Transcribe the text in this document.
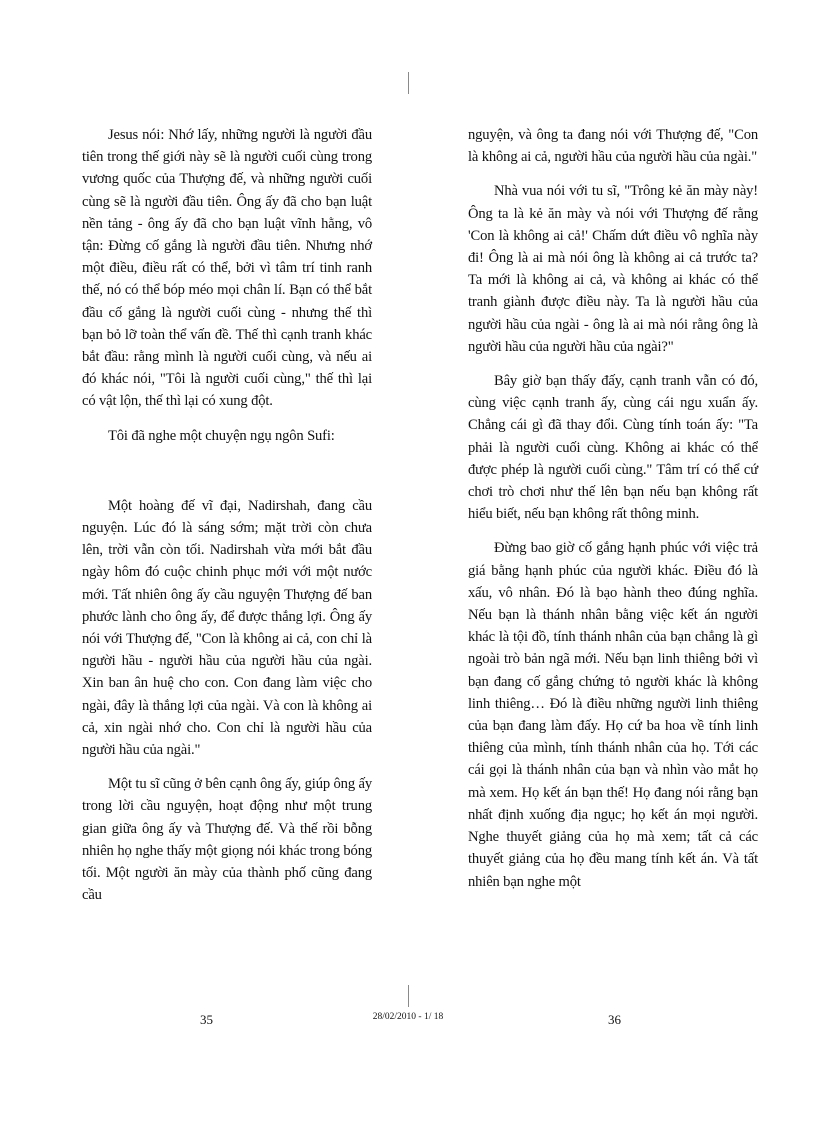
Jesus nói: Nhớ lấy, những người là người đầu tiên trong thế giới này sẽ là người cuối cùng trong vương quốc của Thượng đế, và những người cuối cùng sẽ là người đầu tiên. Ông ấy đã cho bạn luật nền tảng - ông ấy đã cho bạn luật vĩnh hằng, vô tận: Đừng cố gắng là người đầu tiên. Nhưng nhớ một điều, điều rất có thể, bởi vì tâm trí tinh ranh thế, nó có thể bóp méo mọi chân lí. Bạn có thể bắt đầu cố gắng là người cuối cùng - nhưng thế thì bạn bỏ lỡ toàn thể vấn đề. Thế thì cạnh tranh khác bắt đầu: rằng mình là người cuối cùng, và nếu ai đó khác nói, "Tôi là người cuối cùng," thế thì lại có vật lộn, thế thì lại có xung đột.

Tôi đã nghe một chuyện ngụ ngôn Sufi:

Một hoàng đế vĩ đại, Nadirshah, đang cầu nguyện. Lúc đó là sáng sớm; mặt trời còn chưa lên, trời vẫn còn tối. Nadirshah vừa mới bắt đầu ngày hôm đó cuộc chinh phục mới với một nước mới. Tất nhiên ông ấy cầu nguyện Thượng đế ban phước lành cho ông ấy, để được thắng lợi. Ông ấy nói với Thượng đế, "Con là không ai cả, con chỉ là người hầu - người hầu của người hầu của ngài. Xin ban ân huệ cho con. Con đang làm việc cho ngài, đây là thắng lợi của ngài. Và con là không ai cả, xin ngài nhớ cho. Con chỉ là người hầu của người hầu của ngài."

Một tu sĩ cũng ở bên cạnh ông ấy, giúp ông ấy trong lời cầu nguyện, hoạt động như một trung gian giữa ông ấy và Thượng đế. Và thế rồi bỗng nhiên họ nghe thấy một giọng nói khác trong bóng tối. Một người ăn mày của thành phố cũng đang cầu

nguyện, và ông ta đang nói với Thượng đế, "Con là không ai cả, người hầu của người hầu của ngài."

Nhà vua nói với tu sĩ, "Trông kẻ ăn mày này! Ông ta là kẻ ăn mày và nói với Thượng đế rằng 'Con là không ai cả!' Chấm dứt điều vô nghĩa này đi! Ông là ai mà nói ông là không ai cả trước ta? Ta mới là không ai cả, và không ai khác có thể tranh giành được điều này. Ta là người hầu của người hầu của ngài - ông là ai mà nói rằng ông là người hầu của người hầu của ngài?"

Bây giờ bạn thấy đấy, cạnh tranh vẫn có đó, cùng việc cạnh tranh ấy, cùng cái ngu xuẩn ấy. Chẳng cái gì đã thay đổi. Cùng tính toán ấy: "Ta phải là người cuối cùng. Không ai khác có thể được phép là người cuối cùng." Tâm trí có thể cứ chơi trò chơi như thế lên bạn nếu bạn không rất hiểu biết, nếu bạn không rất thông minh.

Đừng bao giờ cố gắng hạnh phúc với việc trả giá bằng hạnh phúc của người khác. Điều đó là xấu, vô nhân. Đó là bạo hành theo đúng nghĩa. Nếu bạn là thánh nhân bằng việc kết án người khác là tội đồ, tính thánh nhân của bạn chẳng là gì ngoài trò bản ngã mới. Nếu bạn linh thiêng bởi vì bạn đang cố gắng chứng tỏ người khác là không linh thiêng… Đó là điều những người linh thiêng của bạn đang làm đấy. Họ cứ ba hoa về tính linh thiêng của mình, tính thánh nhân của họ. Tới các cái gọi là thánh nhân của bạn và nhìn vào mắt họ mà xem. Họ kết án bạn thế! Họ đang nói rằng bạn nhất định xuống địa ngục; họ kết án mọi người. Nghe thuyết giảng của họ mà xem; tất cả các thuyết giảng của họ đều mang tính kết án. Và tất nhiên bạn nghe một

35	28/02/2010 - 1/ 18	36
